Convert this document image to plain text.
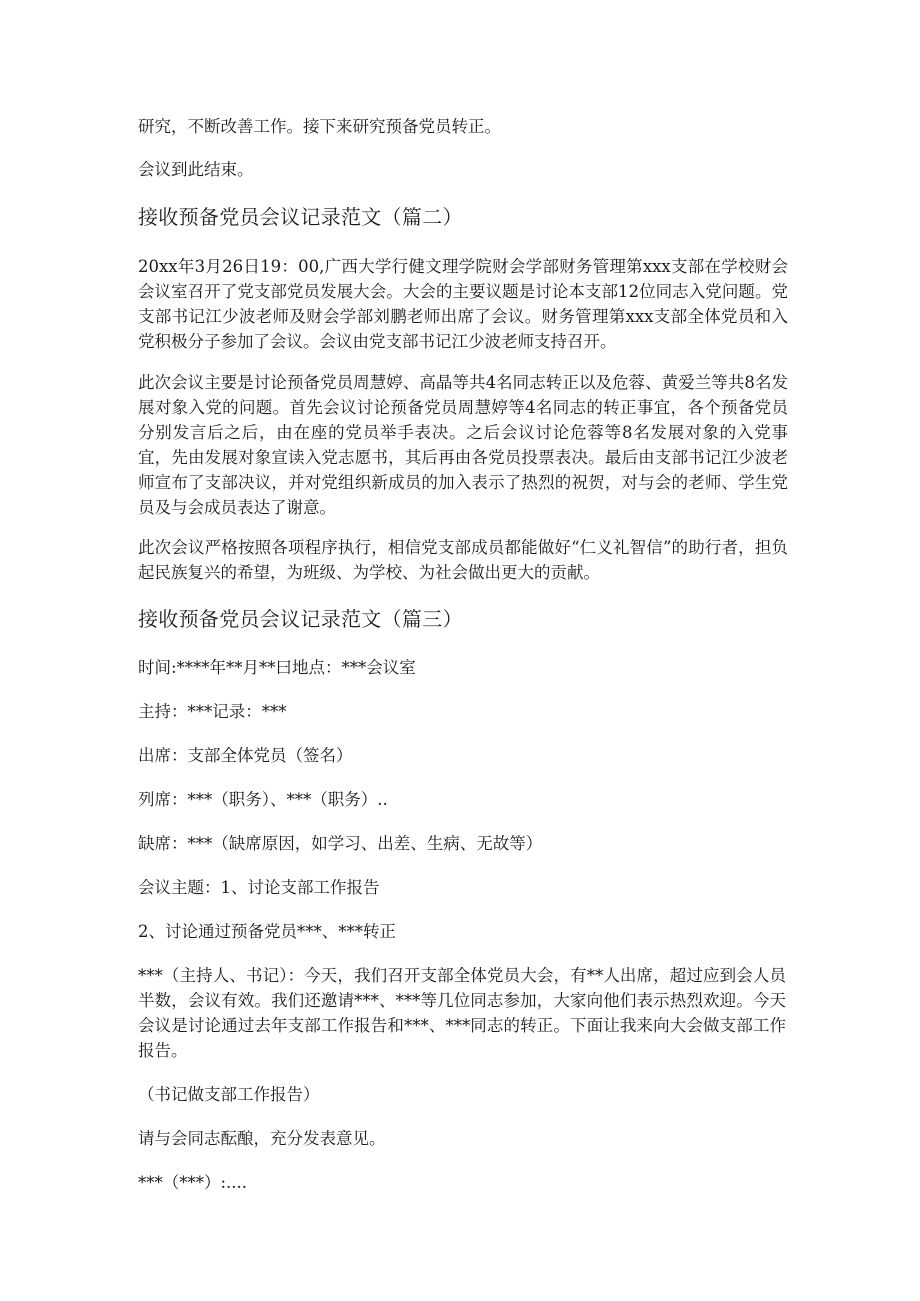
研究，不断改善工作。接下来研究预备党员转正。

会议到此结束。

接收预备党员会议记录范文（篇二）

20xx年3月26日19：00,广西大学行健文理学院财会学部财务管理第xxx支部在学校财会会议室召开了党支部党员发展大会。大会的主要议题是讨论本支部12位同志入党问题。党支部书记江少波老师及财会学部刘鹏老师出席了会议。财务管理第xxx支部全体党员和入党积极分子参加了会议。会议由党支部书记江少波老师支持召开。

此次会议主要是讨论预备党员周慧婷、高晶等共4名同志转正以及危蓉、黄爱兰等共8名发展对象入党的问题。首先会议讨论预备党员周慧婷等4名同志的转正事宜，各个预备党员分别发言后之后，由在座的党员举手表决。之后会议讨论危蓉等8名发展对象的入党事宜，先由发展对象宣读入党志愿书，其后再由各党员投票表决。最后由支部书记江少波老师宣布了支部决议，并对党组织新成员的加入表示了热烈的祝贺，对与会的老师、学生党员及与会成员表达了谢意。

此次会议严格按照各项程序执行，相信党支部成员都能做好“仁义礼智信”的助行者，担负起民族复兴的希望，为班级、为学校、为社会做出更大的贡献。

接收预备党员会议记录范文（篇三）

时间:****年**月**曰地点：***会议室

主持：***记录：***

出席：支部全体党员（签名）

列席：***（职务）、***（职务）..

缺席：***（缺席原因，如学习、出差、生病、无故等）

会议主题：1、讨论支部工作报告

2、讨论通过预备党员***、***转正

***（主持人、书记）：今天，我们召开支部全体党员大会，有**人出席，超过应到会人员半数，会议有效。我们还邀请***、***等几位同志参加，大家向他们表示热烈欢迎。今天会议是讨论通过去年支部工作报告和***、***同志的转正。下面让我来向大会做支部工作报告。

（书记做支部工作报告）

请与会同志酝酿，充分发表意见。

***（***）:....
